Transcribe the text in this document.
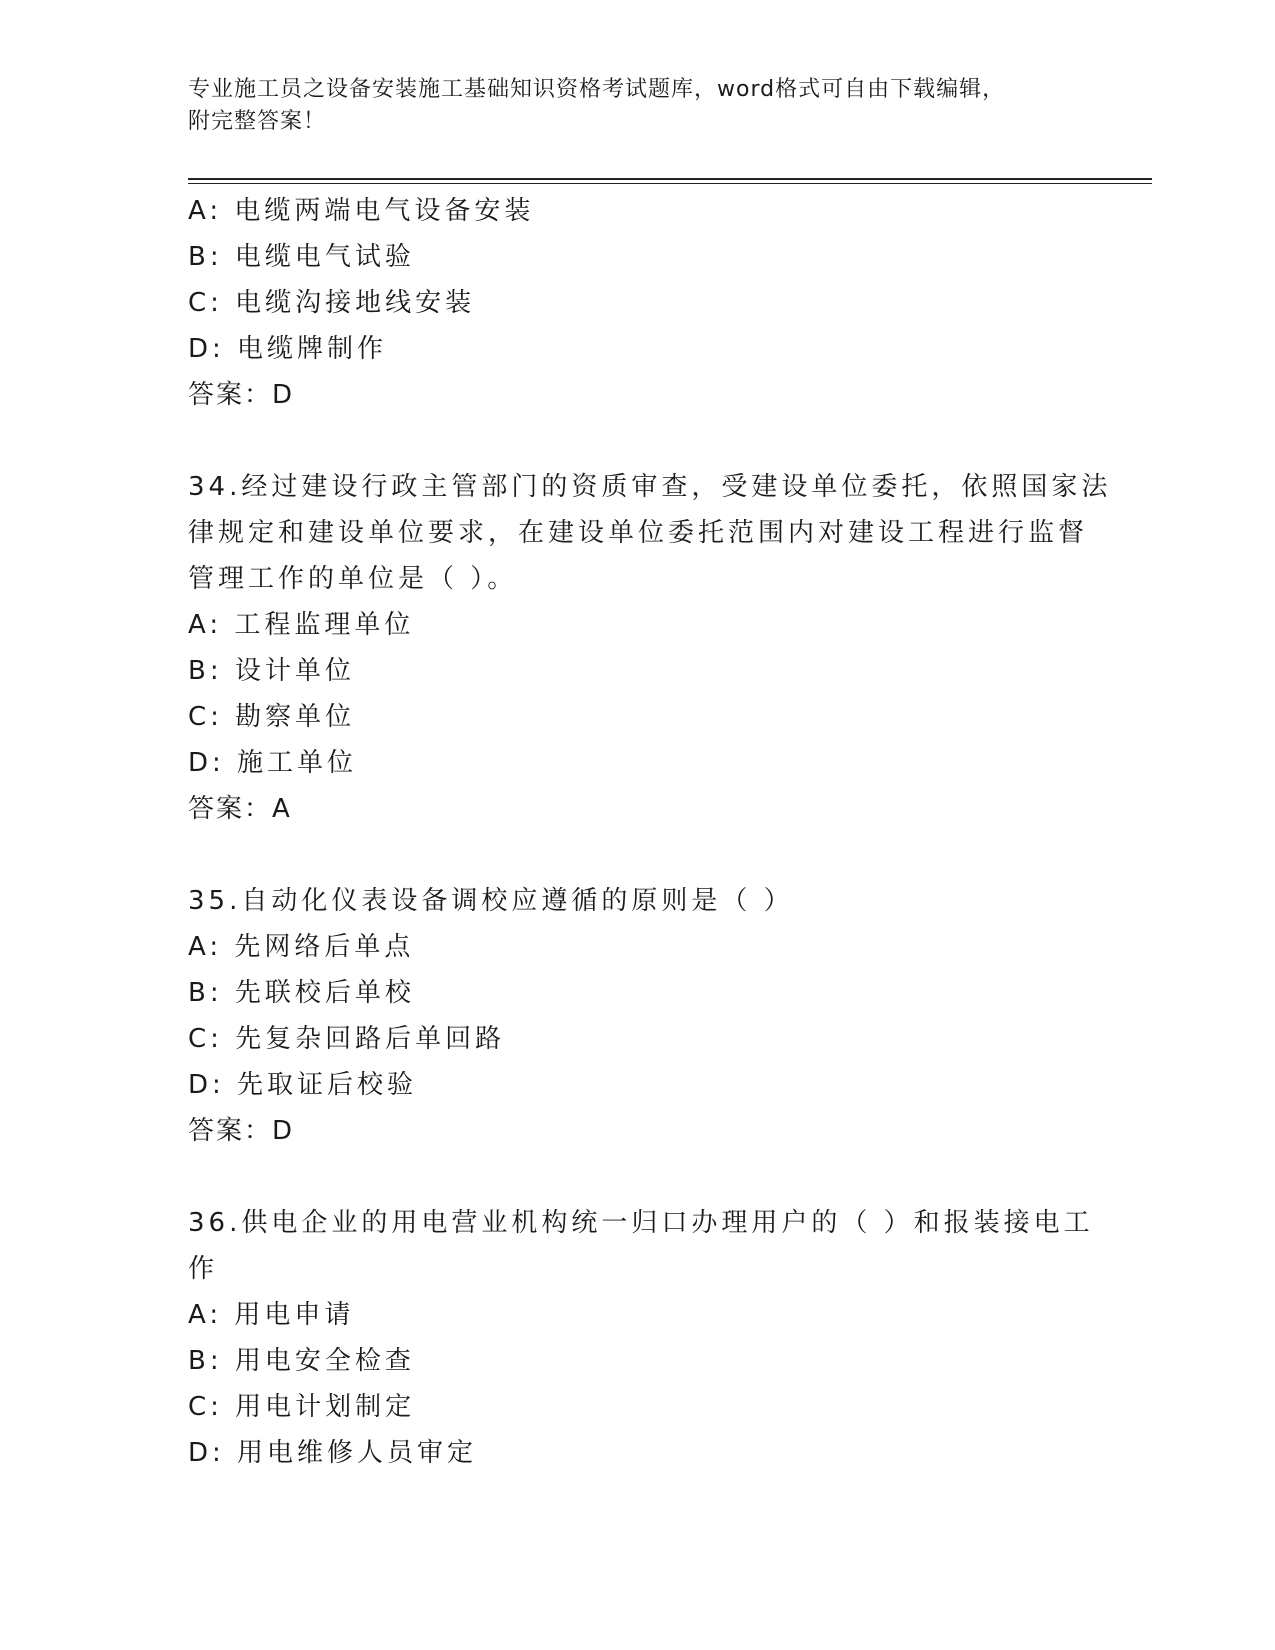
专业施工员之设备安装施工基础知识资格考试题库，word格式可自由下载编辑，
附完整答案！

A: 电缆两端电气设备安装

B: 电缆电气试验

C: 电缆沟接地线安装

D: 电缆牌制作

答案：D

34.经过建设行政主管部门的资质审查，受建设单位委托，依照国家法

律规定和建设单位要求，在建设单位委托范围内对建设工程进行监督

管理工作的单位是（ ）。

A: 工程监理单位

B: 设计单位

C: 勘察单位

D: 施工单位

答案：A

35.自动化仪表设备调校应遵循的原则是（ ）

A: 先网络后单点

B: 先联校后单校

C: 先复杂回路后单回路

D: 先取证后校验

答案：D

36.供电企业的用电营业机构统一归口办理用户的（ ）和报装接电工

作

A: 用电申请

B: 用电安全检查

C: 用电计划制定

D: 用电维修人员审定
